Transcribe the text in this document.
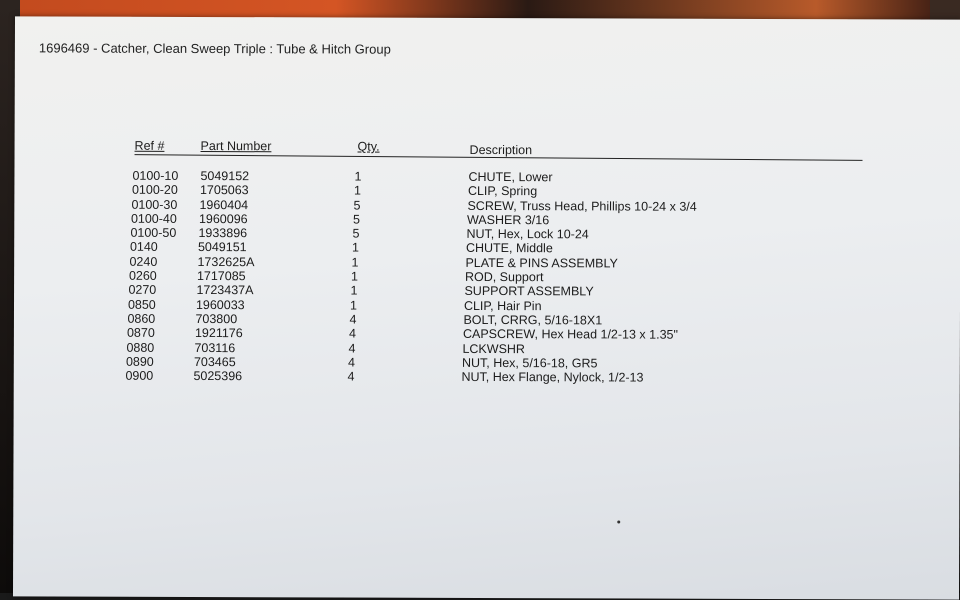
1696469 - Catcher, Clean Sweep Triple : Tube & Hitch Group
Ref #	Part Number	Qty.	Description
0100-10 5049152	1	CHUTE, Lower
0100-20 1705063	1	CLIP, Spring
0100-30 1960404	5	SCREW, Truss Head, Phillips 10-24 x 3/4
0100-40 1960096	5	WASHER 3/16
0100-50 1933896	5	NUT, Hex, Lock 10-24
0140	5049151	1	CHUTE, Middle
0240	1732625A	1	PLATE & PINS ASSEMBLY
0260	1717085	1	ROD, Support
0270	1723437A	1	SUPPORT ASSEMBLY
0850	1960033	1	CLIP, Hair Pin
0860	703800	4	BOLT, CRRG, 5/16-18X1
0870	1921176	4	CAPSCREW, Hex Head 1/2-13 x 1.35"
0880	703116	4	LCKWSHR
0890	703465	4	NUT, Hex, 5/16-18, GR5
0900	5025396	4	NUT, Hex Flange, Nylock, 1/2-13
